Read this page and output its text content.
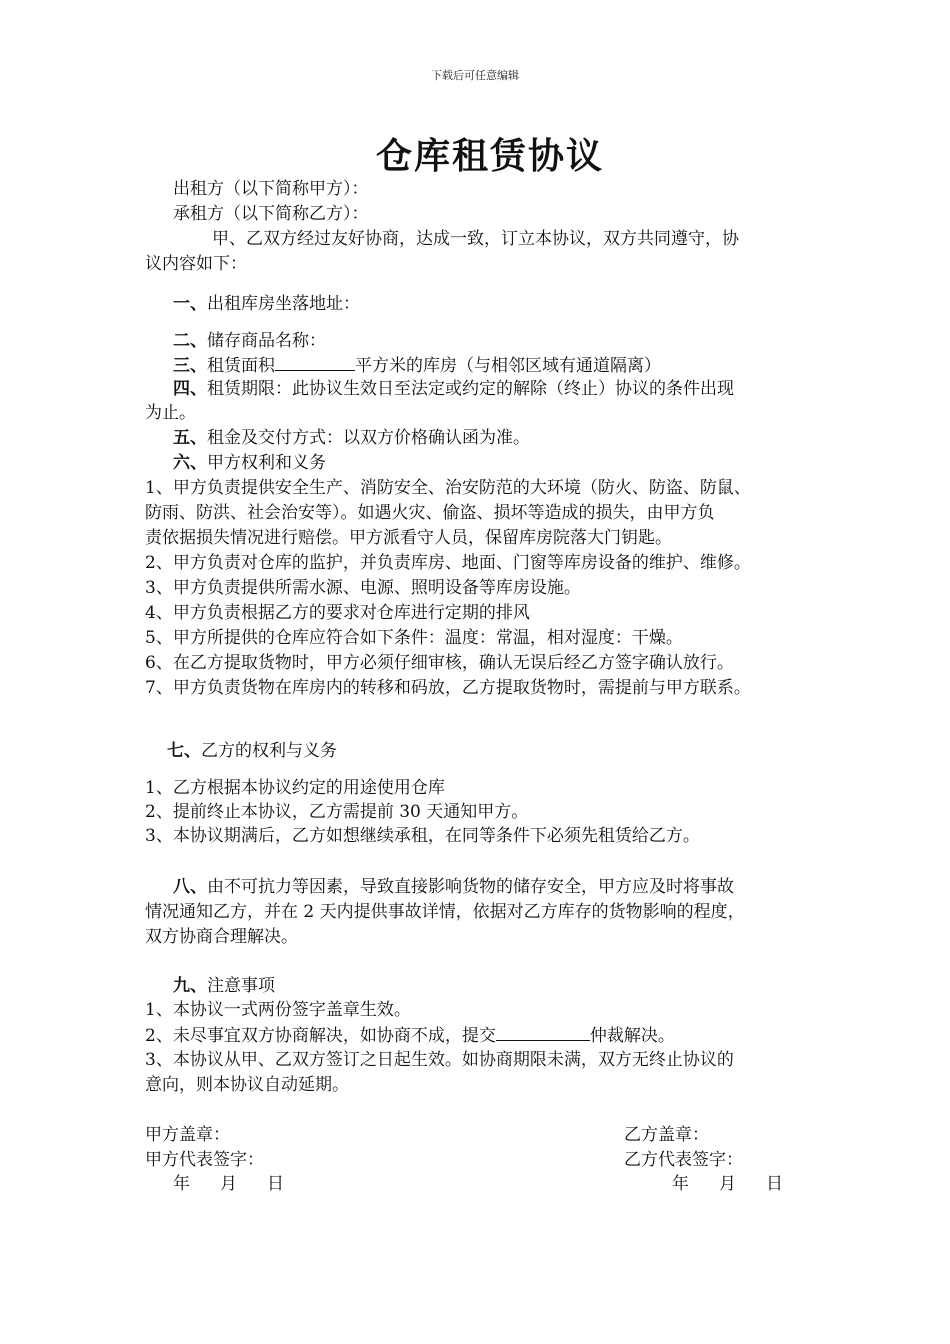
下载后可任意编辑
仓库租赁协议
出租方（以下简称甲方）：
承租方（以下简称乙方）：
甲、乙双方经过友好协商，达成一致，订立本协议，双方共同遵守，协
议内容如下：
一、出租库房坐落地址：
二、储存商品名称：
三、租赁面积	平方米的库房（与相邻区域有通道隔离）
四、租赁期限：此协议生效日至法定或约定的解除（终止）协议的条件出现
为止。
五、租金及交付方式：以双方价格确认函为准。
六、甲方权利和义务
1、甲方负责提供安全生产、消防安全、治安防范的大环境（防火、防盗、防鼠、
防雨、防洪、社会治安等）。如遇火灾、偷盗、损坏等造成的损失，由甲方负
责依据损失情况进行赔偿。甲方派看守人员，保留库房院落大门钥匙。
2、甲方负责对仓库的监护，并负责库房、地面、门窗等库房设备的维护、维修。
3、甲方负责提供所需水源、电源、照明设备等库房设施。
4、甲方负责根据乙方的要求对仓库进行定期的排风
5、甲方所提供的仓库应符合如下条件：温度：常温，相对湿度：干燥。
6、在乙方提取货物时，甲方必须仔细审核，确认无误后经乙方签字确认放行。
7、甲方负责货物在库房内的转移和码放，乙方提取货物时，需提前与甲方联系。
七、乙方的权利与义务
1、乙方根据本协议约定的用途使用仓库
2、提前终止本协议，乙方需提前 30 天通知甲方。
3、本协议期满后，乙方如想继续承租，在同等条件下必须先租赁给乙方。
八、由不可抗力等因素，导致直接影响货物的储存安全，甲方应及时将事故
情况通知乙方，并在 2 天内提供事故详情，依据对乙方库存的货物影响的程度，
双方协商合理解决。
九、注意事项
1、本协议一式两份签字盖章生效。
2、未尽事宜双方协商解决，如协商不成，提交	仲裁解决。
3、本协议从甲、乙双方签订之日起生效。如协商期限未满，双方无终止协议的
意向，则本协议自动延期。
甲方盖章：	乙方盖章：
甲方代表签字：	乙方代表签字：
年 月 日	年 月 日
